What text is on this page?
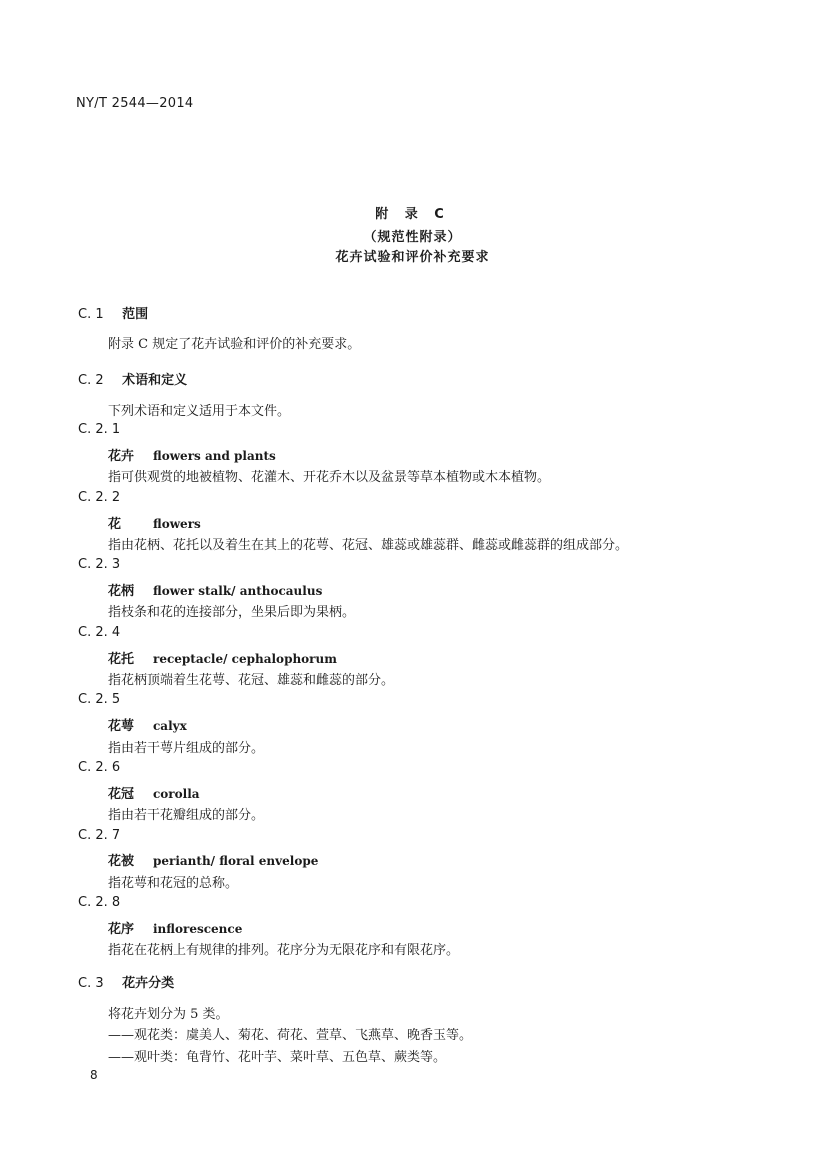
NY/T 2544—2014
附 录 C
（规范性附录）
花卉试验和评价补充要求
C. 1 范围
附录 C 规定了花卉试验和评价的补充要求。
C. 2 术语和定义
下列术语和定义适用于本文件。
C. 2. 1
花卉 flowers and plants
指可供观赏的地被植物、花灌木、开花乔木以及盆景等草本植物或木本植物。
C. 2. 2
花	flowers
指由花柄、花托以及着生在其上的花萼、花冠、雄蕊或雄蕊群、雌蕊或雌蕊群的组成部分。
C. 2. 3
花柄 flower stalk/ anthocaulus
指枝条和花的连接部分，坐果后即为果柄。
C. 2. 4
花托 receptacle/ cephalophorum
指花柄顶端着生花萼、花冠、雄蕊和雌蕊的部分。
C. 2. 5
花萼 calyx
指由若干萼片组成的部分。
C. 2. 6
花冠 corolla
指由若干花瓣组成的部分。
C. 2. 7
花被 perianth/ floral envelope
指花萼和花冠的总称。
C. 2. 8
花序 inflorescence
指花在花柄上有规律的排列。花序分为无限花序和有限花序。
C. 3 花卉分类
将花卉划分为 5 类。
——观花类：虞美人、菊花、荷花、萱草、飞燕草、晚香玉等。
——观叶类：龟背竹、花叶芋、菜叶草、五色草、蕨类等。
8
